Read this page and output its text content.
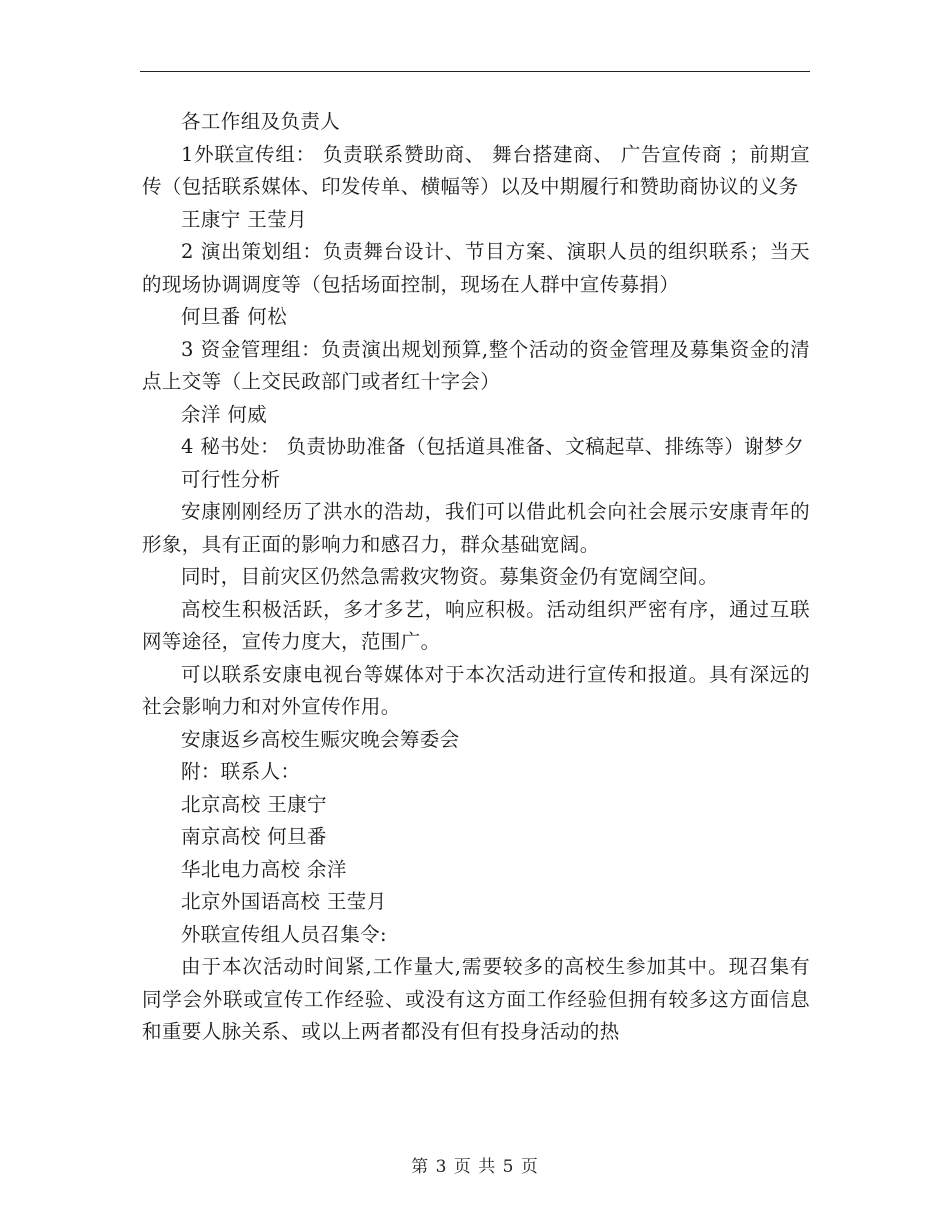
各工作组及负责人

1外联宣传组： 负责联系赞助商、 舞台搭建商、 广告宣传商 ；前期宣传（包括联系媒体、印发传单、横幅等）以及中期履行和赞助商协议的义务

王康宁 王莹月

2 演出策划组：负责舞台设计、节目方案、演职人员的组织联系；当天的现场协调调度等（包括场面控制，现场在人群中宣传募捐）

何旦番 何松

3 资金管理组：负责演出规划预算,整个活动的资金管理及募集资金的清点上交等（上交民政部门或者红十字会）

余洋 何威

4 秘书处： 负责协助准备（包括道具准备、文稿起草、排练等）谢梦夕

可行性分析

安康刚刚经历了洪水的浩劫，我们可以借此机会向社会展示安康青年的形象，具有正面的影响力和感召力，群众基础宽阔。

同时，目前灾区仍然急需救灾物资。募集资金仍有宽阔空间。

高校生积极活跃，多才多艺，响应积极。活动组织严密有序，通过互联网等途径，宣传力度大，范围广。

可以联系安康电视台等媒体对于本次活动进行宣传和报道。具有深远的社会影响力和对外宣传作用。

安康返乡高校生赈灾晚会筹委会

附：联系人：

北京高校 王康宁

南京高校 何旦番

华北电力高校 余洋

北京外国语高校 王莹月

外联宣传组人员召集令:

由于本次活动时间紧,工作量大,需要较多的高校生参加其中。现召集有同学会外联或宣传工作经验、或没有这方面工作经验但拥有较多这方面信息和重要人脉关系、或以上两者都没有但有投身活动的热

第 3 页 共 5 页
